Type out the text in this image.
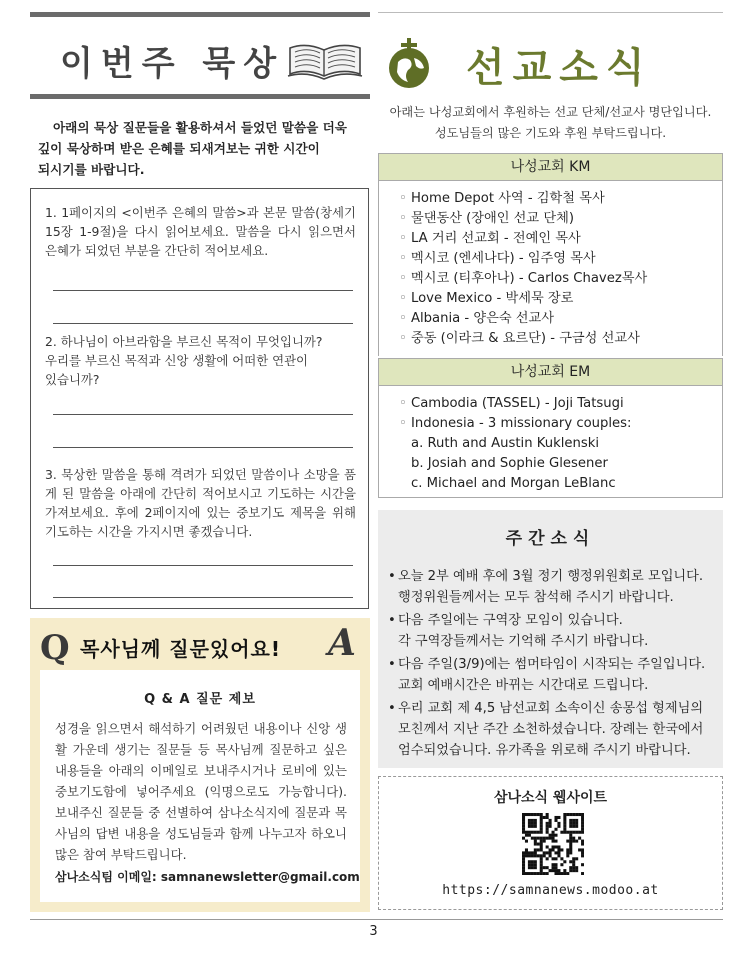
이번주 묵상
아래의 묵상 질문들을 활용하셔서 들었던 말씀을 더욱
깊이 묵상하며 받은 은혜를 되새겨보는 귀한 시간이
되시기를 바랍니다.
1. 1페이지의 <이번주 은혜의 말씀>과 본문 말씀(창세기 15장 1-9절)을 다시 읽어보세요. 말씀을 다시 읽으면서 은혜가 되었던 부분을 간단히 적어보세요.
2. 하나님이 아브라함을 부르신 목적이 무엇입니까?
우리를 부르신 목적과 신앙 생활에 어떠한 연관이
있습니까?
3. 묵상한 말씀을 통해 격려가 되었던 말씀이나 소망을 품게 된 말씀을 아래에 간단히 적어보시고 기도하는 시간을 가져보세요. 후에 2페이지에 있는 중보기도 제목을 위해 기도하는 시간을 가지시면 좋겠습니다.
Q 목사님께 질문있어요! A
Q & A 질문 제보
성경을 읽으면서 해석하기 어려웠던 내용이나 신앙 생활 가운데 생기는 질문들 등 목사님께 질문하고 싶은 내용들을 아래의 이메일로 보내주시거나 로비에 있는 중보기도함에 넣어주세요 (익명으로도 가능합니다). 보내주신 질문들 중 선별하여 삼나소식지에 질문과 목사님의 답변 내용을 성도님들과 함께 나누고자 하오니 많은 참여 부탁드립니다.
삼나소식팀 이메일: samnanewsletter@gmail.com
선교소식
아래는 나성교회에서 후원하는 선교 단체/선교사 명단입니다.
성도님들의 많은 기도와 후원 부탁드립니다.
나성교회 KM
◦ Home Depot 사역 - 김학철 목사
◦ 물댄동산 (장애인 선교 단체)
◦ LA 거리 선교회 - 전예인 목사
◦ 멕시코 (엔세나다) - 임주영 목사
◦ 멕시코 (티후아나) - Carlos Chavez목사
◦ Love Mexico - 박세묵 장로
◦ Albania - 양은숙 선교사
◦ 중동 (이라크 & 요르단) - 구금성 선교사
나성교회 EM
◦ Cambodia (TASSEL) - Joji Tatsugi
◦ Indonesia - 3 missionary couples:
a. Ruth and Austin Kuklenski
b. Josiah and Sophie Glesener
c. Michael and Morgan LeBlanc
주간소식
• 오늘 2부 예배 후에 3월 정기 행정위원회로 모입니다.
행정위원들께서는 모두 참석해 주시기 바랍니다.
• 다음 주일에는 구역장 모임이 있습니다.
각 구역장들께서는 기억해 주시기 바랍니다.
• 다음 주일(3/9)에는 썸머타임이 시작되는 주일입니다.
교회 예배시간은 바뀌는 시간대로 드립니다.
• 우리 교회 제 4,5 남선교회 소속이신 송몽섭 형제님의
모친께서 지난 주간 소천하셨습니다. 장례는 한국에서
엄수되었습니다. 유가족을 위로해 주시기 바랍니다.
삼나소식 웹사이트
https://samnanews.modoo.at
3
